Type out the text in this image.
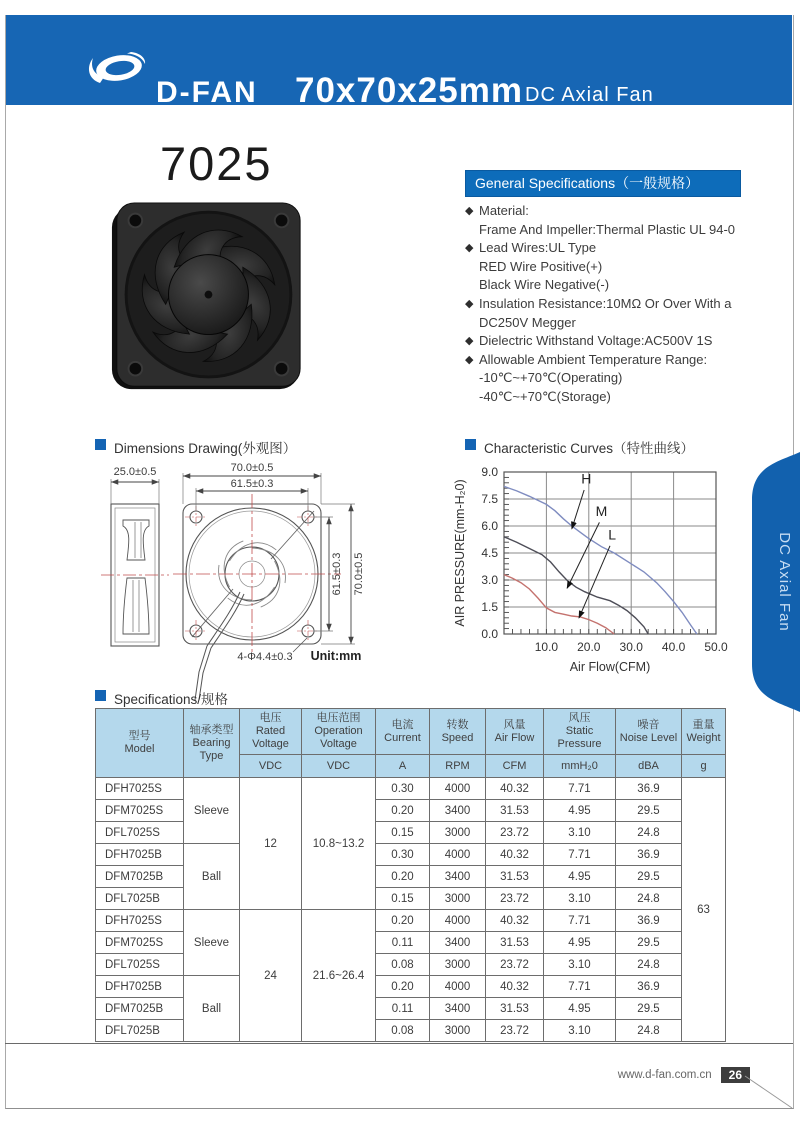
D-FAN 70x70x25mm DC Axial Fan
7025	General Specifications（一般规格）
◆ Material:
Frame And Impeller:Thermal Plastic UL 94-0
◆ Lead Wires:UL Type
RED Wire Positive(+)
Black Wire Negative(-)
◆ Insulation Resistance:10MΩ Or Over With a
DC250V Megger
◆ Dielectric Withstand Voltage:AC500V 1S
◆ Allowable Ambient Temperature Range:
-10℃~+70℃(Operating)
-40℃~+70℃(Storage)
Dimensions Drawing(外观图）	Characteristic Curves（特性曲线）
25.0±0.5	70.0±0.5
61.5±0.3
61.5±0.3 70.0±0.5
4-Φ4.4±0.3 Unit:mm
10.0 20.0 30.0 40.0 50.0
0.0
1.5
3.0
4.5
6.0
7.5
9.0
Air Flow(CFM)
AIR PRESSURE(mm-H₂0)
H
M
L	DC Axial Fan
Specifications/规格
型号
Model	轴承类型
Bearing
Type	电压
Rated
Voltage	电压范围
Operation
Voltage	电流
Current	转数
Speed	风量
Air Flow	风压
Static
Pressure	噪音
Noise Level	重量
Weight
		VDC	VDC	A	RPM	CFM	mmH₂0	dBA	g
DFH7025S	Sleeve	12	10.8~13.2	0.30	4000	40.32	7.71	36.9	63
DFM7025S				0.20	3400	31.53	4.95	29.5	
DFL7025S				0.15	3000	23.72	3.10	24.8	
DFH7025B	Ball			0.30	4000	40.32	7.71	36.9	
DFM7025B				0.20	3400	31.53	4.95	29.5	
DFL7025B				0.15	3000	23.72	3.10	24.8	
DFH7025S	Sleeve	24	21.6~26.4	0.20	4000	40.32	7.71	36.9	
DFM7025S				0.11	3400	31.53	4.95	29.5	
DFL7025S				0.08	3000	23.72	3.10	24.8	
DFH7025B	Ball			0.20	4000	40.32	7.71	36.9	
DFM7025B				0.11	3400	31.53	4.95	29.5	
DFL7025B				0.08	3000	23.72	3.10	24.8	
www.d-fan.com.cn	26
